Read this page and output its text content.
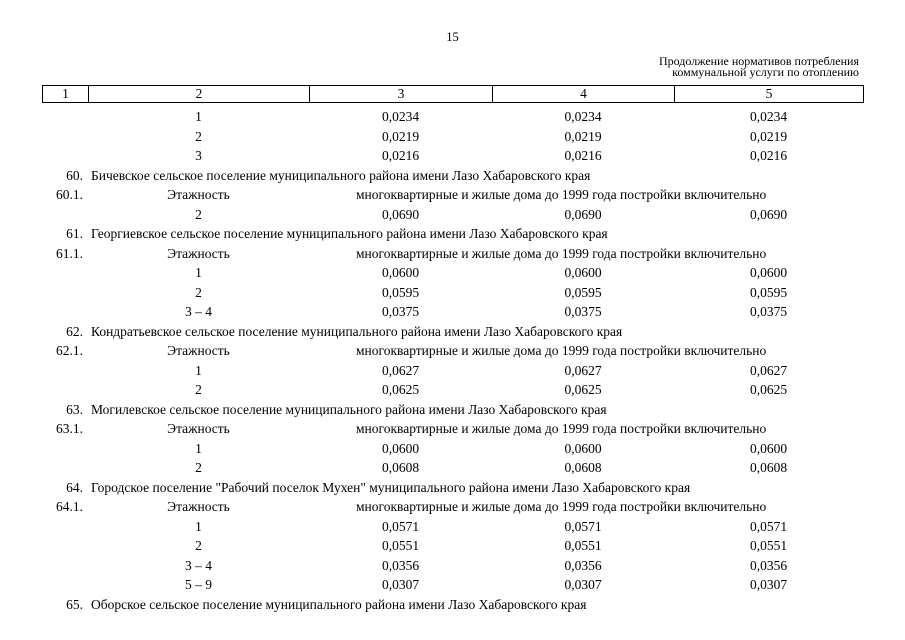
15
Продолжение нормативов потребления
коммунальной услуги по отоплению
1	2	3	4	5
1	0,0234	0,0234	0,0234
2	0,0219	0,0219	0,0219
3	0,0216	0,0216	0,0216
60. Бичевское сельское поселение муниципального района имени Лазо Хабаровского края
60.1.	Этажность	многоквартирные и жилые дома до 1999 года постройки включительно
2	0,0690	0,0690	0,0690
61. Георгиевское сельское поселение муниципального района имени Лазо Хабаровского края
61.1.	Этажность	многоквартирные и жилые дома до 1999 года постройки включительно
1	0,0600	0,0600	0,0600
2	0,0595	0,0595	0,0595
3 – 4	0,0375	0,0375	0,0375
62. Кондратьевское сельское поселение муниципального района имени Лазо Хабаровского края
62.1.	Этажность	многоквартирные и жилые дома до 1999 года постройки включительно
1	0,0627	0,0627	0,0627
2	0,0625	0,0625	0,0625
63. Могилевское сельское поселение муниципального района имени Лазо Хабаровского края
63.1.	Этажность	многоквартирные и жилые дома до 1999 года постройки включительно
1	0,0600	0,0600	0,0600
2	0,0608	0,0608	0,0608
64. Городское поселение "Рабочий поселок Мухен" муниципального района имени Лазо Хабаровского края
64.1.	Этажность	многоквартирные и жилые дома до 1999 года постройки включительно
1	0,0571	0,0571	0,0571
2	0,0551	0,0551	0,0551
3 – 4	0,0356	0,0356	0,0356
5 – 9	0,0307	0,0307	0,0307
65. Оборское сельское поселение муниципального района имени Лазо Хабаровского края
